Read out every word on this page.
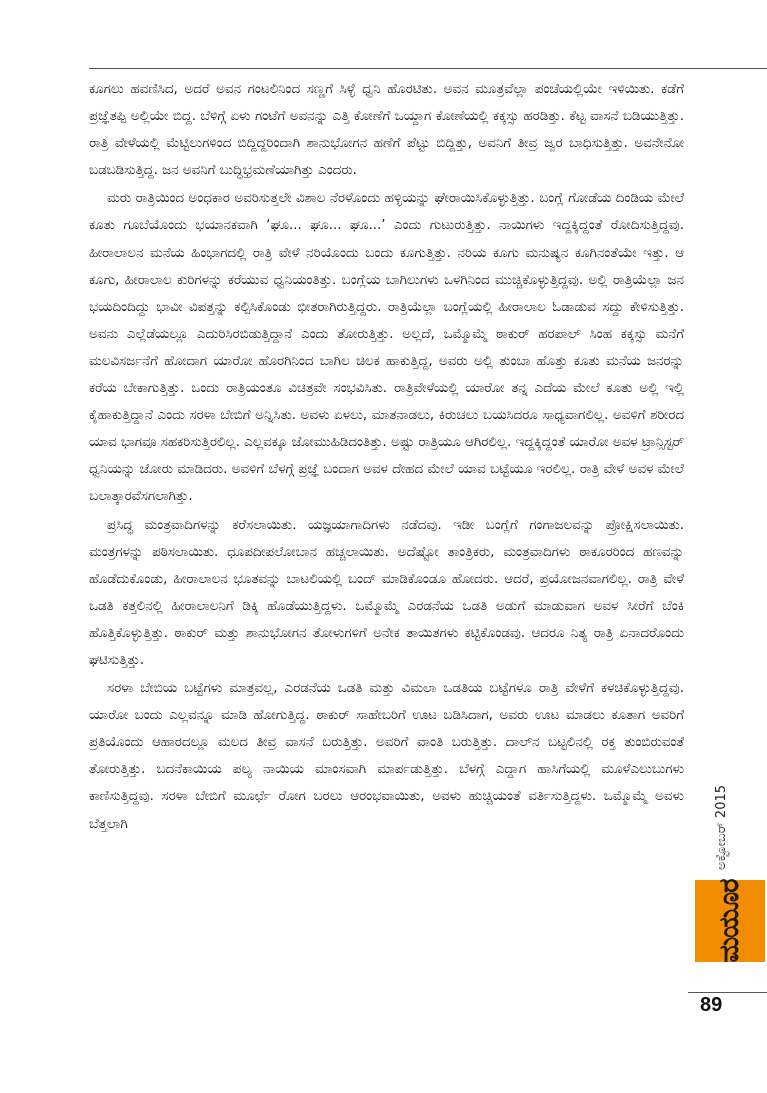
ಕೂಗಲು ಹವಣಿಸಿದ, ಅದರೆ ಅವನ ಗಂಟಲಿನಿಂದ ಸಣ್ಣಗೆ ಸಿಳ್ಳೆ ಧ್ವನಿ ಹೊರಟಿತು. ಅವನ ಮೂತ್ರವೆಲ್ಲಾ ಪಂಚೆಯಲ್ಲಿಯೇ ಇಳಿಯಿತು. ಕಡೆಗೆ ಪ್ರಜ್ಞೆತಪ್ಪಿ ಅಲ್ಲಿಯೇ ಬಿದ್ದ. ಬೆಳಿಗ್ಗೆ ಏಳು ಗಂಟೆಗೆ ಅವನನ್ನು ಎತ್ತಿ ಕೋಣೆಗೆ ಒಯ್ದಾಗ ಕೋಣೆಯಲ್ಲಿ ಕಕ್ಕಸ್ಸು ಹರಡಿತ್ತು. ಕೆಟ್ಟ ವಾಸನೆ ಬಡಿಯುತ್ತಿತ್ತು. ರಾತ್ರಿ ವೇಳೆಯಲ್ಲಿ ಮೆಟ್ಟಿಲುಗಳಿಂದ ಬಿದ್ದಿದ್ದರಿಂದಾಗಿ ಶಾನುಭೋಗನ ಹಣೆಗೆ ಪೆಟ್ಟು ಬಿದ್ದಿತ್ತು, ಅವನಿಗೆ ತೀವ್ರ ಜ್ವರ ಬಾಧಿಸುತ್ತಿತ್ತು. ಅವನೇನೋ ಬಡಬಡಿಸುತ್ತಿದ್ದ. ಜನ ಅವನಿಗೆ ಬುದ್ಧಿಭ್ರಮಣೆಯಾಗಿತ್ತು ಎಂದರು.

ಮರು ರಾತ್ರಿಯಿಂದ ಅಂಧಕಾರ ಅವರಿಸುತ್ತಲೇ ವಿಶಾಲ ನೆರಳೊಂದು ಹಳ್ಳಿಯನ್ನು ಘೇರಾಯಿಸಿಕೊಳ್ಳುತ್ತಿತ್ತು. ಬಂಗ್ಲೆ ಗೋಡೆಯ ದಿಂಡಿಯ ಮೇಲೆ ಕೂತು ಗೂಬೆಯೊಂದು ಭಯಾನಕವಾಗಿ ‘ಘೂ... ಘೂ... ಘೂ...’ ಎಂದು ಗುಟುರುತ್ತಿತ್ತು. ನಾಯಿಗಳು ಇದ್ದಕ್ಕಿದ್ದಂತೆ ರೋದಿಸುತ್ತಿದ್ದವು. ಹೀರಾಲಾಲನ ಮನೆಯ ಹಿಂಭಾಗದಲ್ಲಿ ರಾತ್ರಿ ವೇಳೆ ನರಿಯೊಂದು ಬಂದು ಕೂಗುತ್ತಿತ್ತು. ನರಿಯ ಕೂಗು ಮನುಷ್ಯನ ಕೂಗಿನಂತೆಯೇ ಇತ್ತು. ಆ ಕೂಗು, ಹೀರಾಲಾಲ ಕುರಿಗಳನ್ನು ಕರೆಯುವ ಧ್ವನಿಯಂತಿತ್ತು. ಬಂಗ್ಲೆಯ ಬಾಗಿಲುಗಳು ಒಳಗಿನಿಂದ ಮುಚ್ಚಿಕೊಳ್ಳುತ್ತಿದ್ದವು. ಅಲ್ಲಿ ರಾತ್ರಿಯೆಲ್ಲಾ ಜನ ಭಯದಿಂದಿದ್ದು ಭಾವೀ ವಿಪತ್ತನ್ನು ಕಲ್ಪಿಸಿಕೊಂಡು ಭೀತರಾಗಿರುತ್ತಿದ್ದರು. ರಾತ್ರಿಯೆಲ್ಲಾ ಬಂಗ್ಲೆಯಲ್ಲಿ ಹೀರಾಲಾಲ ಓಡಾಡುವ ಸದ್ದು ಕೇಳಿಸುತ್ತಿತ್ತು. ಅವನು ಎಲ್ಲೆಡೆಯಲ್ಲೂ ಎದುರಿಸಿರಬಿಡುತ್ತಿದ್ದಾನೆ ಎಂದು ತೋರುತ್ತಿತ್ತು. ಅಲ್ಲದೆ, ಒಮ್ಮೊಮ್ಮೆ ಠಾಕುರ್ ಹರಪಾಲ್ ಸಿಂಹ ಕಕ್ಕಸ್ಸು ಮನೆಗೆ ಮಲವಿಸರ್ಜನೆಗೆ ಹೋದಾಗ ಯಾರೋ ಹೊರಗಿನಿಂದ ಬಾಗಿಲ ಚಿಲಕ ಹಾಕುತ್ತಿದ್ದ, ಅವರು ಅಲ್ಲಿ ತುಂಬಾ ಹೊತ್ತು ಕೂತು ಮನೆಯ ಜನರನ್ನು ಕರೆಯ ಬೇಕಾಗುತ್ತಿತ್ತು. ಒಂದು ರಾತ್ರಿಯಂತೂ ವಿಚಿತ್ರವೇ ಸಂಭವಿಸಿತು. ರಾತ್ರಿವೇಳೆಯಲ್ಲಿ ಯಾರೋ ತನ್ನ ಎದೆಯ ಮೇಲೆ ಕೂತು ಅಲ್ಲಿ ಇಲ್ಲಿ ಕೈಹಾಕುತ್ತಿದ್ದಾನೆ ಎಂದು ಸರಳಾ ಬೇಬಿಗೆ ಅನ್ನಿಸಿತು. ಅವಳು ಏಳಲು, ಮಾತನಾಡಲು, ಕಿರುಚಲು ಬಯಸಿದರೂ ಸಾಧ್ಯವಾಗಲಿಲ್ಲ. ಅವಳಿಗೆ ಶರೀರದ ಯಾವ ಭಾಗವೂ ಸಹಕರಿಸುತ್ತಿರಲಿಲ್ಲ. ಎಲ್ಲವಕ್ಕೂ ಜೋಮುಹಿಡಿದಂತಿತ್ತು. ಅಷ್ಟು ರಾತ್ರಿಯೂ ಆಗಿರಲಿಲ್ಲ. ಇದ್ದಕ್ಕಿದ್ದಂತೆ ಯಾರೋ ಅವಳ ಟ್ರಾನ್ಸಿಸ್ಟರ್ ಧ್ವನಿಯನ್ನು ಜೋರು ಮಾಡಿದರು. ಅವಳಿಗೆ ಬೆಳಗ್ಗೆ ಪ್ರಜ್ಞೆ ಬಂದಾಗ ಅವಳ ದೇಹದ ಮೇಲೆ ಯಾವ ಬಟ್ಟೆಯೂ ಇರಲಿಲ್ಲ. ರಾತ್ರಿ ವೇಳೆ ಅವಳ ಮೇಲೆ ಬಲಾತ್ಕಾರವೆಸಗಲಾಗಿತ್ತು.

ಪ್ರಸಿದ್ಧ ಮಂತ್ರವಾದಿಗಳನ್ನು ಕರೆಸಲಾಯಿತು. ಯಜ್ಞಯಾಗಾದಿಗಳು ನಡೆದವು. ಇಡೀ ಬಂಗ್ಲೆಗೆ ಗಂಗಾಜಲವನ್ನು ಪ್ರೋಕ್ಷಿಸಲಾಯಿತು. ಮಂತ್ರಗಳನ್ನು ಪಠಿಸಲಾಯಿತು. ಧೂಪದೀಪಲೋಬಾನ ಹಚ್ಚಲಾಯಿತು. ಅದೆಷ್ಟೋ ತಾಂತ್ರಿಕರು, ಮಂತ್ರವಾದಿಗಳು ಠಾಕೂರರಿಂದ ಹಣವನ್ನು ಹೊಡೆದುಕೊಂಡು, ಹೀರಾಲಾಲನ ಭೂತವನ್ನು ಬಾಟಲಿಯಲ್ಲಿ ಬಂದ್ ಮಾಡಿಕೊಂಡೂ ಹೋದರು. ಆದರೆ, ಪ್ರಯೋಜನವಾಗಲಿಲ್ಲ. ರಾತ್ರಿ ವೇಳೆ ಒಡತಿ ಕತ್ತಲಿನಲ್ಲಿ ಹೀರಾಲಾಲನಿಗೆ ಡಿಕ್ಕಿ ಹೊಡೆಯುತ್ತಿದ್ದಳು. ಒಮ್ಮೊಮ್ಮೆ ಎರಡನೆಯ ಒಡತಿ ಅಡುಗೆ ಮಾಡುವಾಗ ಅವಳ ಸೀರೆಗೆ ಬೆಂಕಿ ಹೊತ್ತಿಕೊಳ್ಳುತ್ತಿತ್ತು. ಠಾಕುರ್ ಮತ್ತು ಶಾನುಭೋಗನ ತೋಳುಗಳಿಗೆ ಅನೇಕ ತಾಯಿತಗಳು ಕಟ್ಟಿಕೊಂಡವು. ಆದರೂ ನಿತ್ಯ ರಾತ್ರಿ ಏನಾದರೊಂದು ಘಟಿಸುತ್ತಿತ್ತು.

ಸರಳಾ ಬೇಬಿಯ ಬಟ್ಟೆಗಳು ಮಾತ್ರವಲ್ಲ, ಎರಡನೆಯ ಒಡತಿ ಮತ್ತು ವಿಮಲಾ ಒಡತಿಯ ಬಟ್ಟೆಗಳೂ ರಾತ್ರಿ ವೇಳೆಗೆ ಕಳಚಿಕೊಳ್ಳುತ್ತಿದ್ದವು. ಯಾರೋ ಬಂದು ಎಲ್ಲವನ್ನೂ ಮಾಡಿ ಹೋಗುತ್ತಿದ್ದ. ಠಾಕುರ್ ಸಾಹೇಬರಿಗೆ ಊಟ ಬಡಿಸಿದಾಗ, ಅವರು ಊಟ ಮಾಡಲು ಕೂತಾಗ ಅವರಿಗೆ ಪ್ರತಿಯೊಂದು ಆಹಾರದಲ್ಲೂ ಮಲದ ತೀವ್ರ ವಾಸನೆ ಬರುತ್ತಿತ್ತು. ಅವರಿಗೆ ವಾಂತಿ ಬರುತ್ತಿತ್ತು. ದಾಲ್‌ನ ಬಟ್ಟಲಿನಲ್ಲಿ ರಕ್ತ ತುಂಬಿರುವಂತೆ ತೋರುತ್ತಿತ್ತು. ಬದನೆಕಾಯಿಯ ಪಲ್ಯ ನಾಯಿಯ ಮಾಂಸವಾಗಿ ಮಾರ್ಪಡುತ್ತಿತ್ತು. ಬೆಳಗ್ಗೆ ಎದ್ದಾಗ ಹಾಸಿಗೆಯಲ್ಲಿ ಮೂಳೆಎಲುಬುಗಳು ಕಾಣಿಸುತ್ತಿದ್ದವು. ಸರಳಾ ಬೇಬಿಗೆ ಮೂರ್ಛೆ ರೋಗ ಬರಲು ಆರಂಭವಾಯಿತು, ಅವಳು ಹುಚ್ಚಿಯಂತೆ ವರ್ತಿಸುತ್ತಿದ್ದಳು. ಒಮ್ಮೊಮ್ಮೆ ಅವಳು ಬೆತ್ತಲಾಗಿ	ಅಕ್ಟೋಬರ್ 2015
ಮಯೂರ
89
